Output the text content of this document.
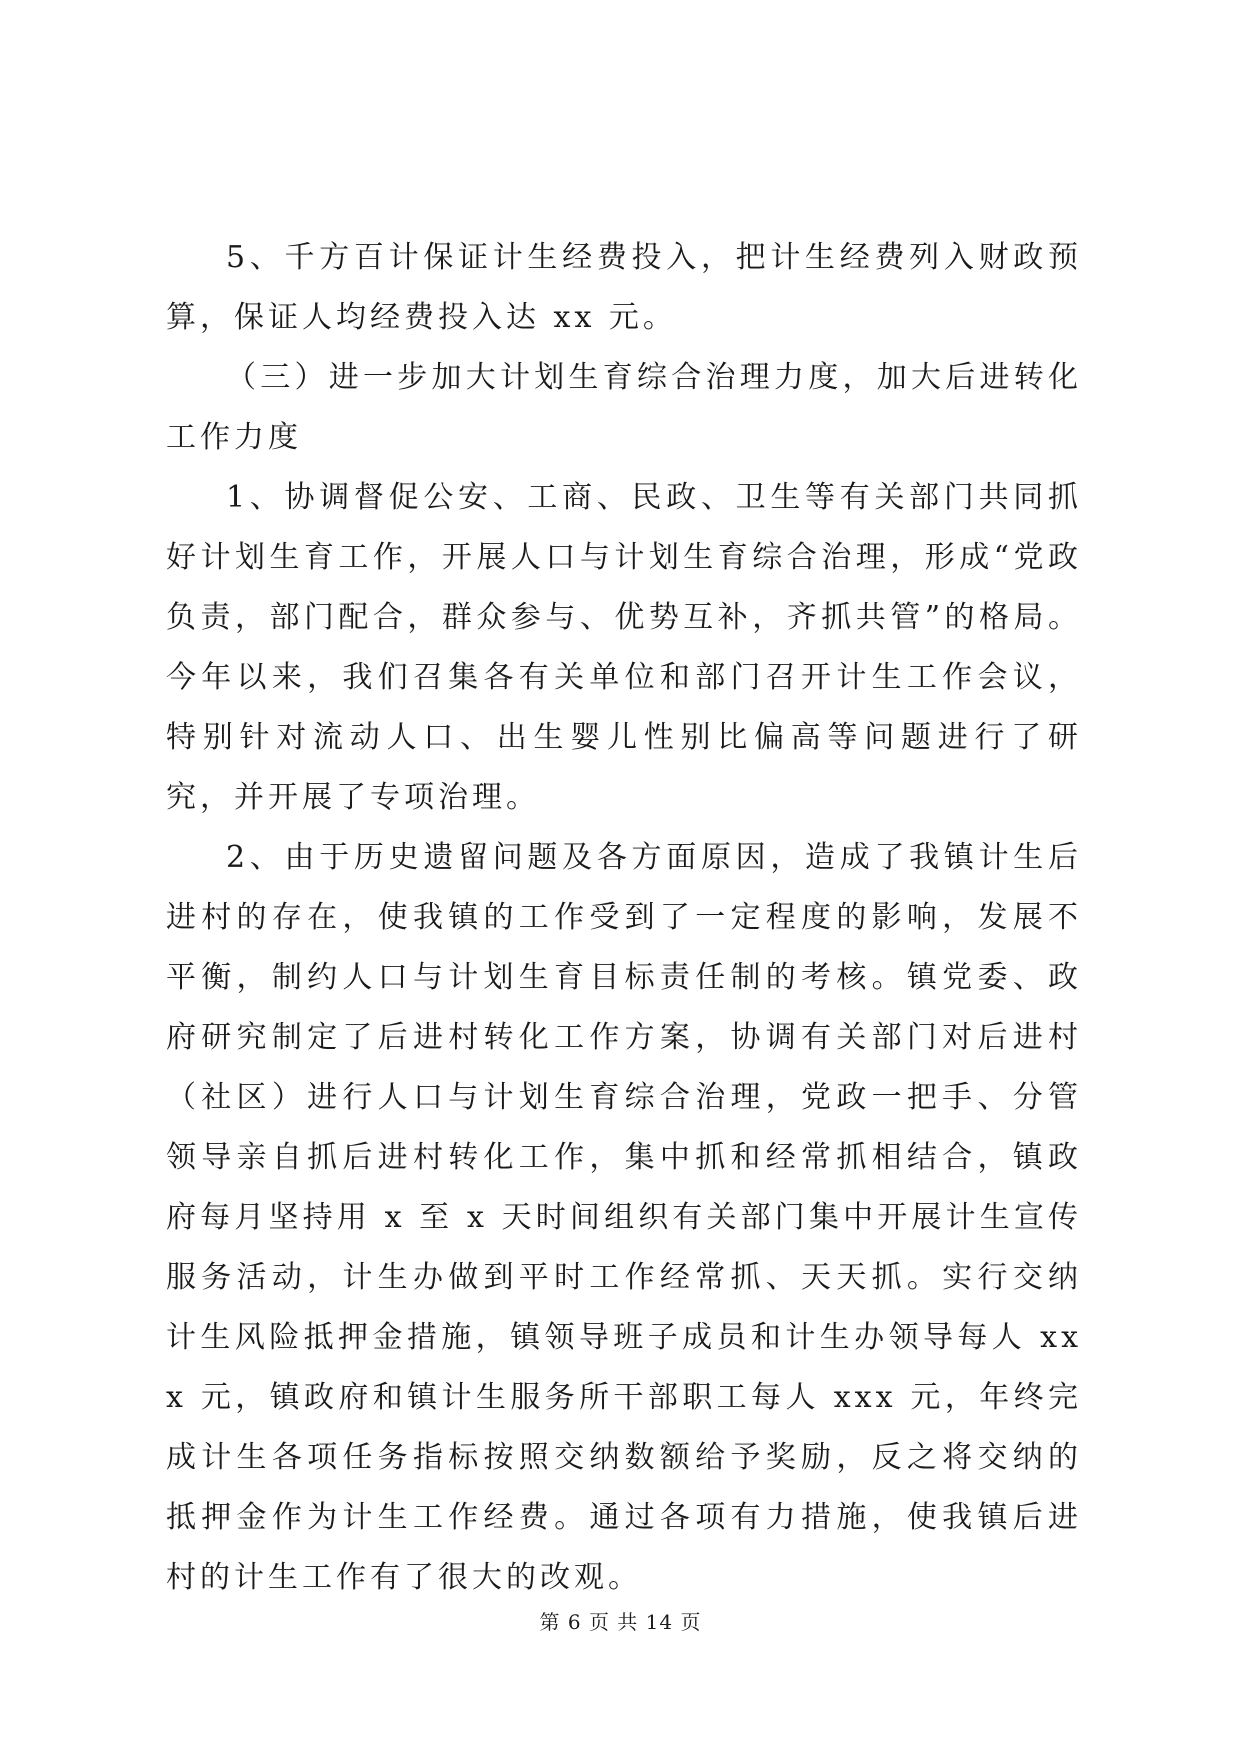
5、千方百计保证计生经费投入，把计生经费列入财政预算，保证人均经费投入达 xx 元。

（三）进一步加大计划生育综合治理力度，加大后进转化工作力度

1、协调督促公安、工商、民政、卫生等有关部门共同抓好计划生育工作，开展人口与计划生育综合治理，形成“党政负责，部门配合，群众参与、优势互补，齐抓共管”的格局。今年以来，我们召集各有关单位和部门召开计生工作会议，特别针对流动人口、出生婴儿性别比偏高等问题进行了研究，并开展了专项治理。

2、由于历史遗留问题及各方面原因，造成了我镇计生后进村的存在，使我镇的工作受到了一定程度的影响，发展不平衡，制约人口与计划生育目标责任制的考核。镇党委、政府研究制定了后进村转化工作方案，协调有关部门对后进村（社区）进行人口与计划生育综合治理，党政一把手、分管领导亲自抓后进村转化工作，集中抓和经常抓相结合，镇政府每月坚持用 x 至 x 天时间组织有关部门集中开展计生宣传服务活动，计生办做到平时工作经常抓、天天抓。实行交纳计生风险抵押金措施，镇领导班子成员和计生办领导每人 xxx 元，镇政府和镇计生服务所干部职工每人 xxx 元，年终完成计生各项任务指标按照交纳数额给予奖励，反之将交纳的抵押金作为计生工作经费。通过各项有力措施，使我镇后进村的计生工作有了很大的改观。

第 6 页 共 14 页
